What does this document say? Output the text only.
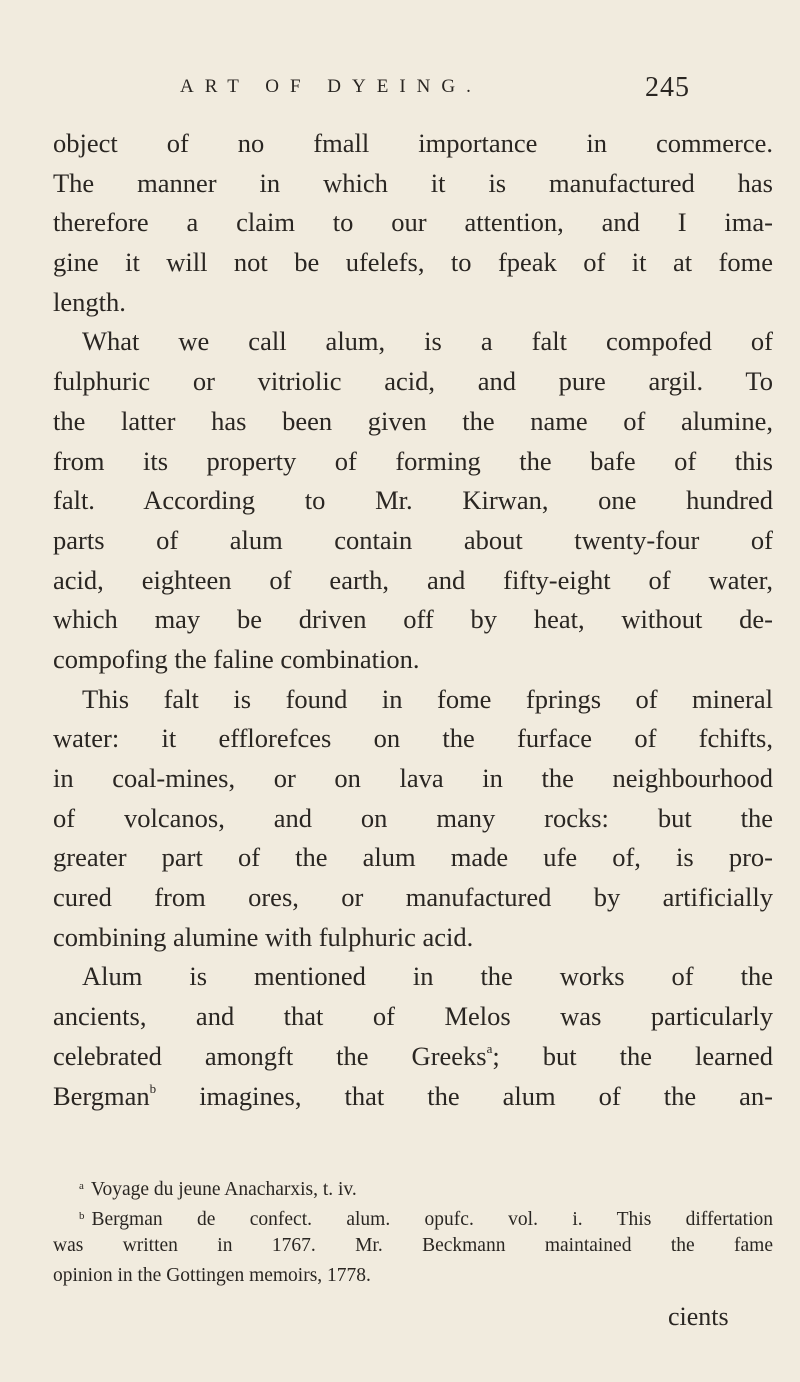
ART OF DYEING.	245
object of no fmall importance in commerce.
The manner in which it is manufactured has
therefore a claim to our attention, and I ima-
gine it will not be ufelefs, to fpeak of it at fome
length.
What we call alum, is a falt compofed of
fulphuric or vitriolic acid, and pure argil. To
the latter has been given the name of alumine,
from its property of forming the bafe of this
falt. According to Mr. Kirwan, one hundred
parts of alum contain about twenty-four of
acid, eighteen of earth, and fifty-eight of water,
which may be driven off by heat, without de-
compofing the faline combination.
This falt is found in fome fprings of mineral
water: it efflorefces on the furface of fchifts,
in coal-mines, or on lava in the neighbourhood
of volcanos, and on many rocks: but the
greater part of the alum made ufe of, is pro-
cured from ores, or manufactured by artificially
combining alumine with fulphuric acid.
Alum is mentioned in the works of the
ancients, and that of Melos was particularly
celebrated amongft the Greeks$^a$; but the learned
Bergman$^b$ imagines, that the alum of the an-
$^a$ Voyage du jeune Anacharxis, t. iv.
$^b$ Bergman de confect. alum. opufc. vol. i. This differtation
was written in 1767. Mr. Beckmann maintained the fame
opinion in the Gottingen memoirs, 1778.
cients
